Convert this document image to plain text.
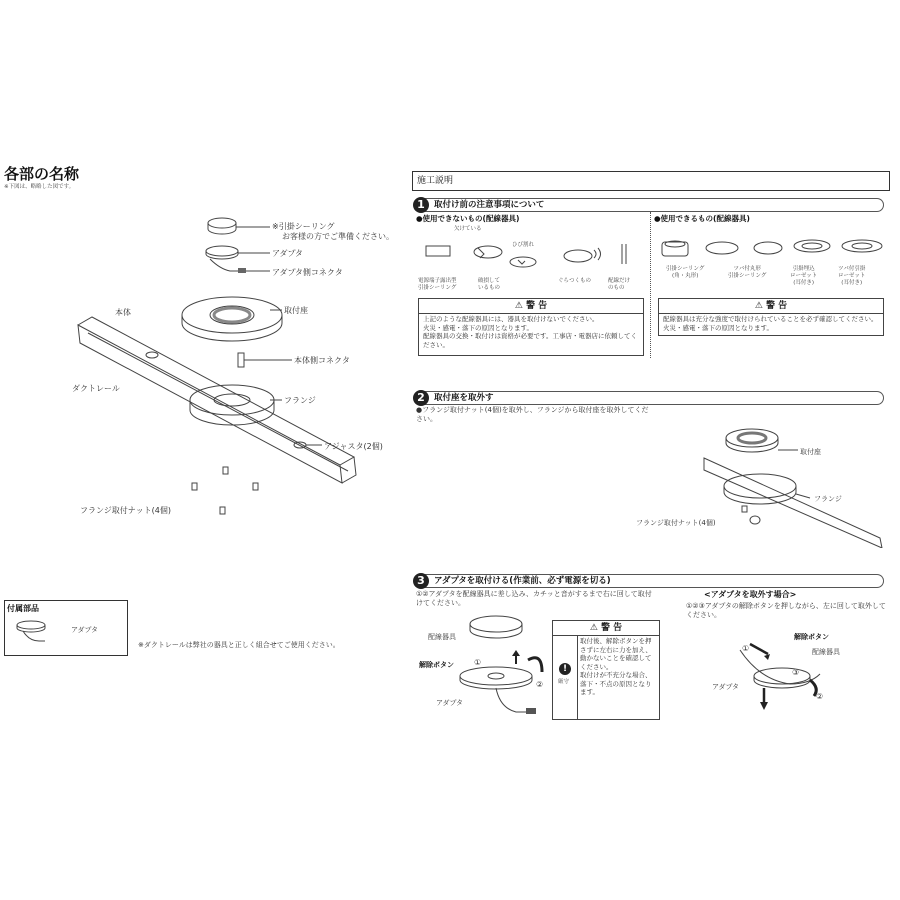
各部の名称
※下図は、略略した図です。
※引掛シーリング
お客様の方でご準備ください。
アダプタ
アダプタ側コネクタ
取付座
本体
本体側コネクタ
ダクトレール
フランジ
アジャスタ(2個)
フランジ取付ナット(4個)
付属部品
アダプタ
※ダクトレールは弊社の器具と正しく組合せてご使用ください。
施工説明
1	取付け前の注意事項について
●使用できないもの(配線器具)	●使用できるもの(配線器具)
欠けている
ひび割れ
電源端子露出型
引掛シーリング
破損して
いるもの
ぐらつくもの	配線だけ
のもの
引掛シーリング
(角・丸形)
ツバ付丸形
引掛シーリング
引掛埋込
ローゼット
(耳付き)
ツバ付引掛
ローゼット
(耳付き)
⚠ 警 告
上記のような配線器具には、器具を取付けないでください。
火災・感電・落下の原因となります。
配線器具の交換・取付けは資格が必要です。工事店・電器店に依頼してください。
⚠ 警 告
配線器具は充分な強度で取付けられていることを必ず確認してください。火災・感電・落下の原因となります。
2	取付座を取外す
●フランジ取付ナット(4個)を取外し、フランジから取付座を取外してください。
取付座
フランジ
フランジ取付ナット(4個)
3	アダプタを取付ける(作業前、必ず電源を切る)
①②アダプタを配線器具に差し込み、カチッと音がするまで右に回して取付けてください。
配線器具
解除ボタン	①
②
アダプタ
⚠ 警 告
!
厳守
取付後、解除ボタンを押さずに左右に力を加え、動かないことを確認してください。
取付けが不充分な場合、落下・不点の原因となります。
<アダプタを取外す場合>
①②③アダプタの解除ボタンを押しながら、左に回して取外してください。
解除ボタン
配線器具
①
③
②
アダプタ
